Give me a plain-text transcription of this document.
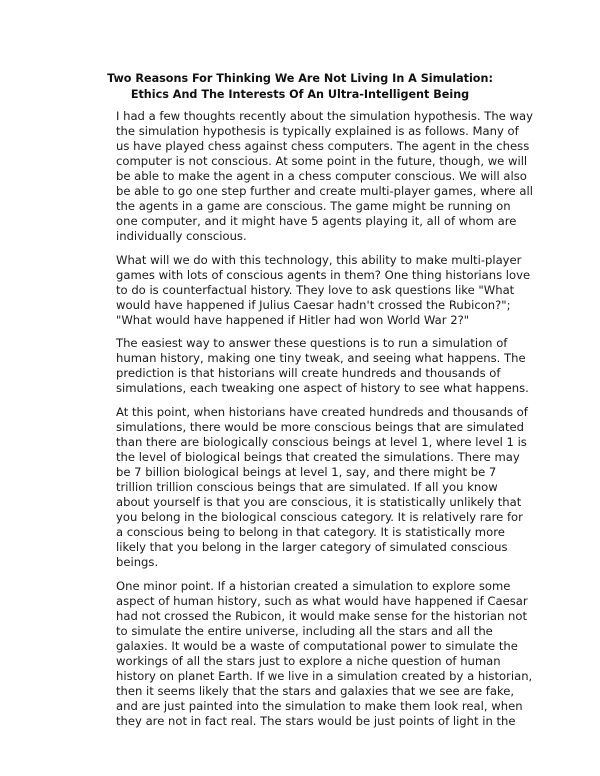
Two Reasons For Thinking We Are Not Living In A Simulation:
Ethics And The Interests Of An Ultra-Intelligent Being
I had a few thoughts recently about the simulation hypothesis. The way
the simulation hypothesis is typically explained is as follows. Many of
us have played chess against chess computers. The agent in the chess
computer is not conscious. At some point in the future, though, we will
be able to make the agent in a chess computer conscious. We will also
be able to go one step further and create multi-player games, where all
the agents in a game are conscious. The game might be running on
one computer, and it might have 5 agents playing it, all of whom are
individually conscious.
What will we do with this technology, this ability to make multi-player
games with lots of conscious agents in them? One thing historians love
to do is counterfactual history. They love to ask questions like "What
would have happened if Julius Caesar hadn't crossed the Rubicon?";
"What would have happened if Hitler had won World War 2?"
The easiest way to answer these questions is to run a simulation of
human history, making one tiny tweak, and seeing what happens. The
prediction is that historians will create hundreds and thousands of
simulations, each tweaking one aspect of history to see what happens.
At this point, when historians have created hundreds and thousands of
simulations, there would be more conscious beings that are simulated
than there are biologically conscious beings at level 1, where level 1 is
the level of biological beings that created the simulations. There may
be 7 billion biological beings at level 1, say, and there might be 7
trillion trillion conscious beings that are simulated. If all you know
about yourself is that you are conscious, it is statistically unlikely that
you belong in the biological conscious category. It is relatively rare for
a conscious being to belong in that category. It is statistically more
likely that you belong in the larger category of simulated conscious
beings.
One minor point. If a historian created a simulation to explore some
aspect of human history, such as what would have happened if Caesar
had not crossed the Rubicon, it would make sense for the historian not
to simulate the entire universe, including all the stars and all the
galaxies. It would be a waste of computational power to simulate the
workings of all the stars just to explore a niche question of human
history on planet Earth. If we live in a simulation created by a historian,
then it seems likely that the stars and galaxies that we see are fake,
and are just painted into the simulation to make them look real, when
they are not in fact real. The stars would be just points of light in the
